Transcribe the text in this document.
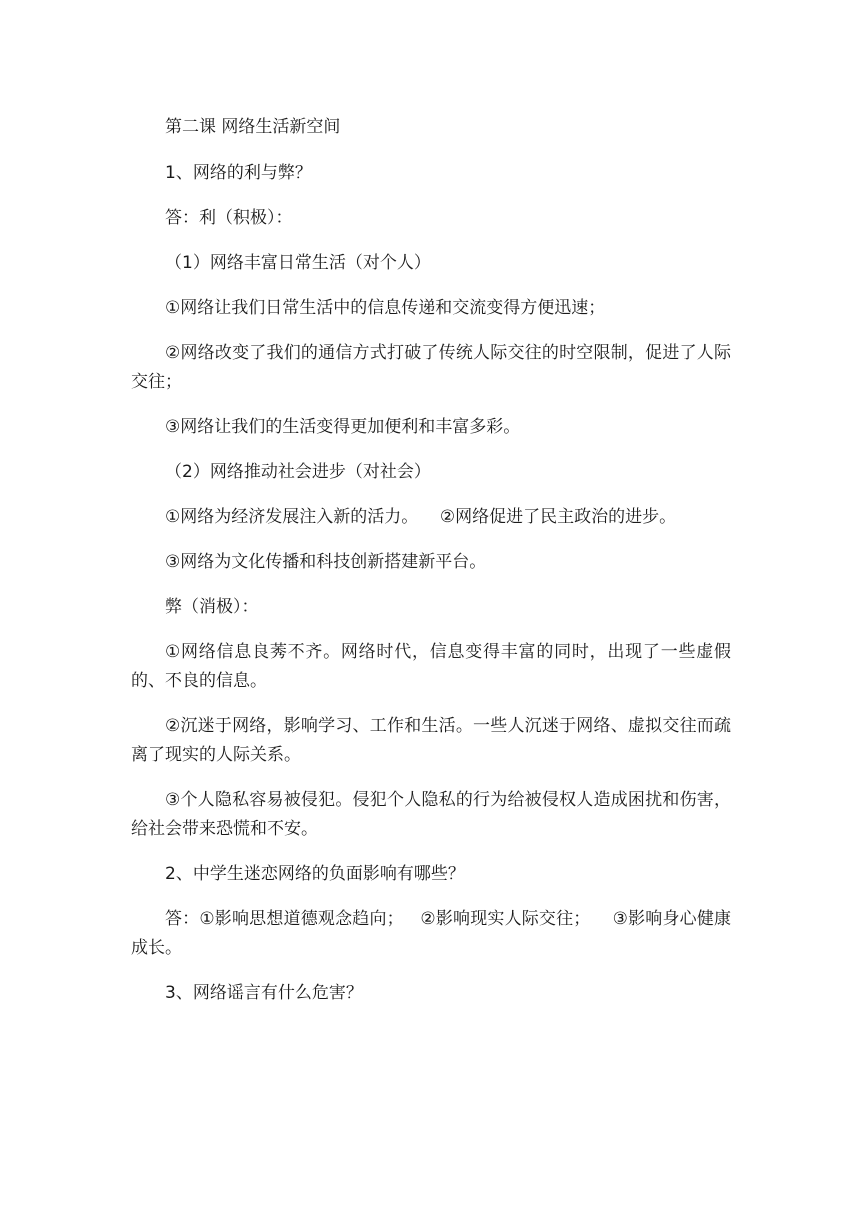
第二课 网络生活新空间

1、网络的利与弊？

答：利（积极）：

（1）网络丰富日常生活（对个人）

①网络让我们日常生活中的信息传递和交流变得方便迅速；

②网络改变了我们的通信方式打破了传统人际交往的时空限制，促进了人际交往；

③网络让我们的生活变得更加便利和丰富多彩。

（2）网络推动社会进步（对社会）

①网络为经济发展注入新的活力。    ②网络促进了民主政治的进步。

③网络为文化传播和科技创新搭建新平台。

弊（消极）：

①网络信息良莠不齐。网络时代，信息变得丰富的同时，出现了一些虚假的、不良的信息。

②沉迷于网络，影响学习、工作和生活。一些人沉迷于网络、虚拟交往而疏离了现实的人际关系。

③个人隐私容易被侵犯。侵犯个人隐私的行为给被侵权人造成困扰和伤害，给社会带来恐慌和不安。

2、中学生迷恋网络的负面影响有哪些？

答：①影响思想道德观念趋向；   ②影响现实人际交往；    ③影响身心健康成长。

3、网络谣言有什么危害？
